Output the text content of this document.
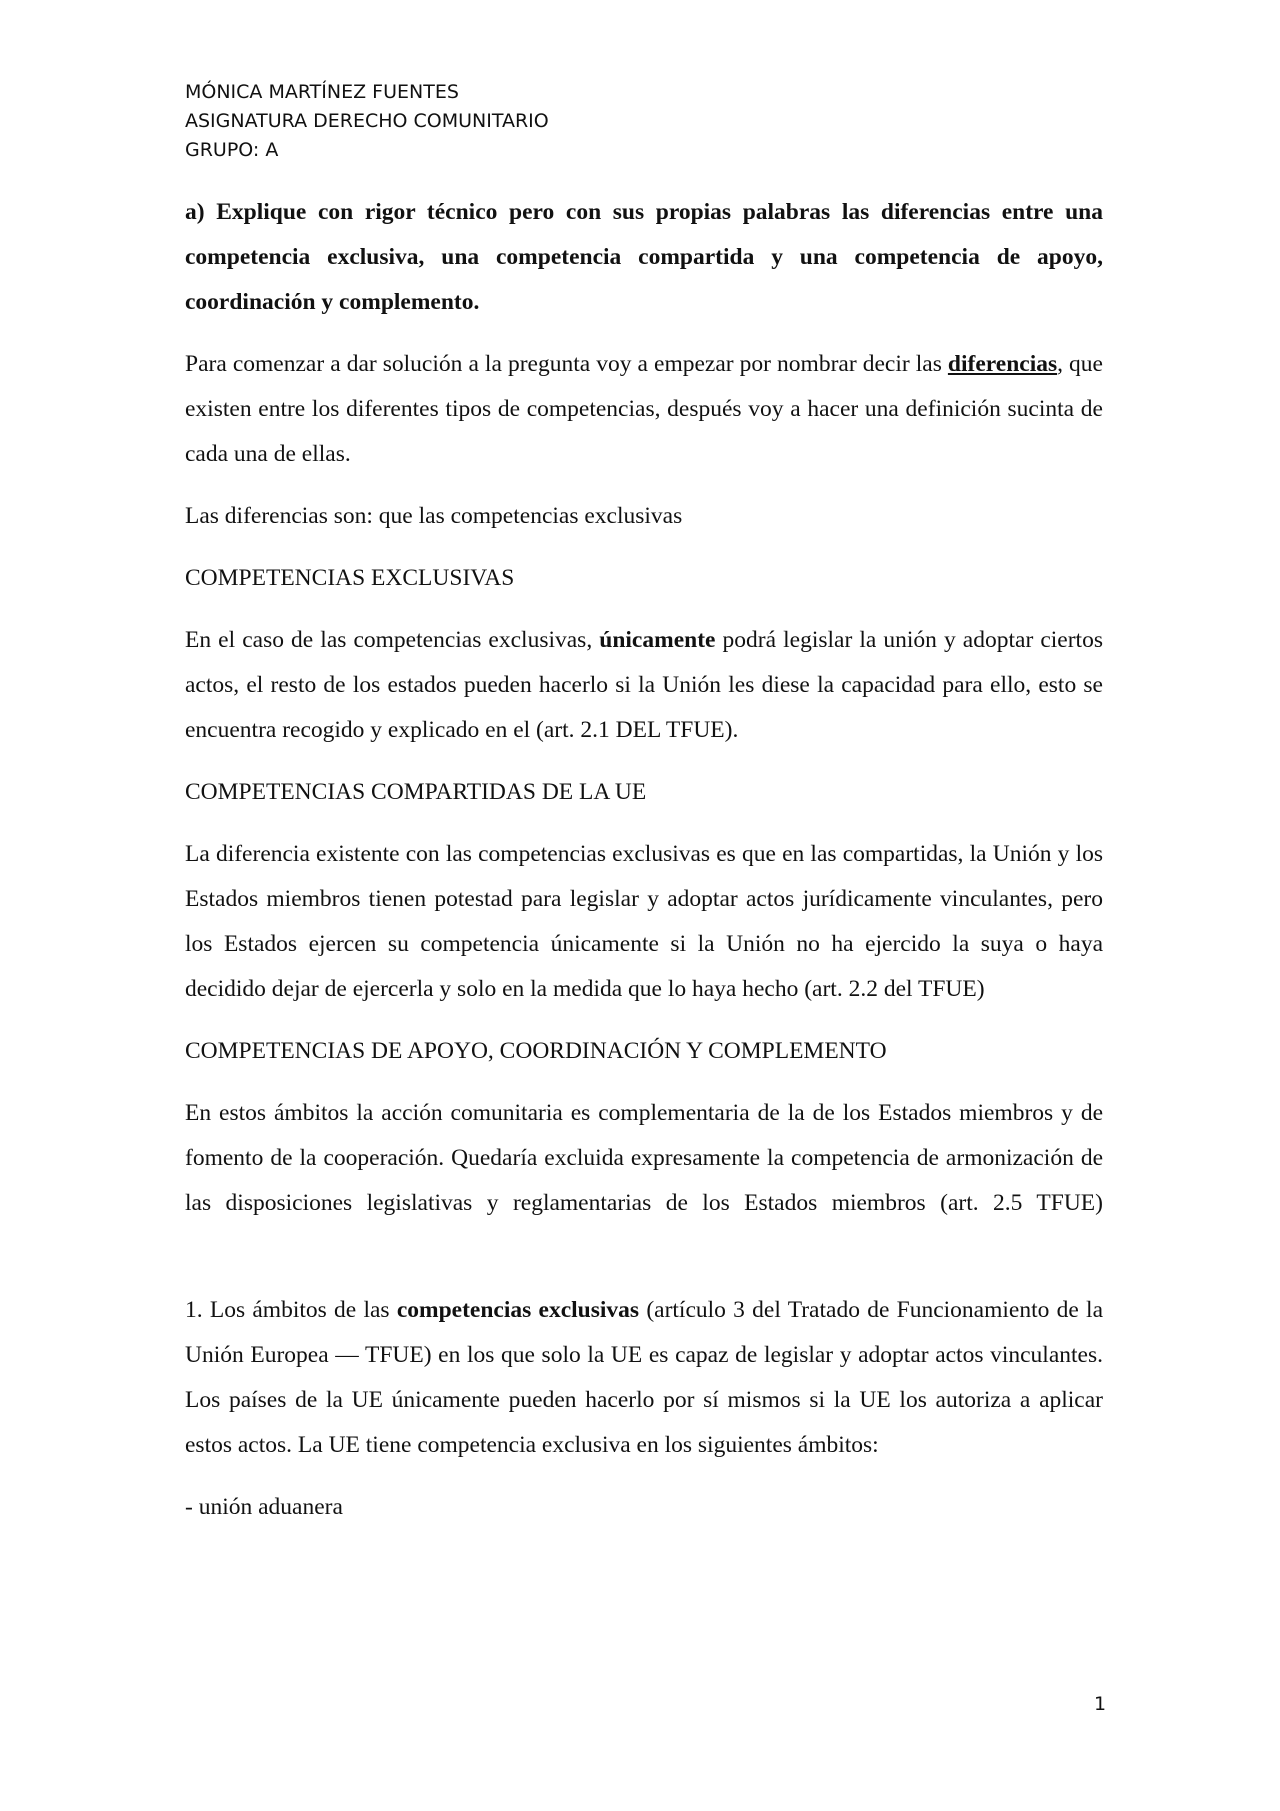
MÓNICA MARTÍNEZ FUENTES
ASIGNATURA DERECHO COMUNITARIO
GRUPO: A

a) Explique con rigor técnico pero con sus propias palabras las diferencias entre una competencia exclusiva, una competencia compartida y una competencia de apoyo, coordinación y complemento.

Para comenzar a dar solución a la pregunta voy a empezar por nombrar decir las diferencias, que existen entre los diferentes tipos de competencias, después voy a hacer una definición sucinta de cada una de ellas.

Las diferencias son: que las competencias exclusivas

COMPETENCIAS EXCLUSIVAS

En el caso de las competencias exclusivas, únicamente podrá legislar la unión y adoptar ciertos actos, el resto de los estados pueden hacerlo si la Unión les diese la capacidad para ello, esto se encuentra recogido y explicado en el (art. 2.1 DEL TFUE).

COMPETENCIAS COMPARTIDAS DE LA UE

La diferencia existente con las competencias exclusivas es que en las compartidas, la Unión y los Estados miembros tienen potestad para legislar y adoptar actos jurídicamente vinculantes, pero los Estados ejercen su competencia únicamente si la Unión no ha ejercido la suya o haya decidido dejar de ejercerla y solo en la medida que lo haya hecho (art. 2.2 del TFUE)

COMPETENCIAS DE APOYO, COORDINACIÓN Y COMPLEMENTO

En estos ámbitos la acción comunitaria es complementaria de la de los Estados miembros y de fomento de la cooperación. Quedaría excluida expresamente la competencia de armonización de las disposiciones legislativas y reglamentarias de los Estados miembros (art. 2.5 TFUE)

1. Los ámbitos de las competencias exclusivas (artículo 3 del Tratado de Funcionamiento de la Unión Europea — TFUE) en los que solo la UE es capaz de legislar y adoptar actos vinculantes. Los países de la UE únicamente pueden hacerlo por sí mismos si la UE los autoriza a aplicar estos actos. La UE tiene competencia exclusiva en los siguientes ámbitos:

- unión aduanera

1
